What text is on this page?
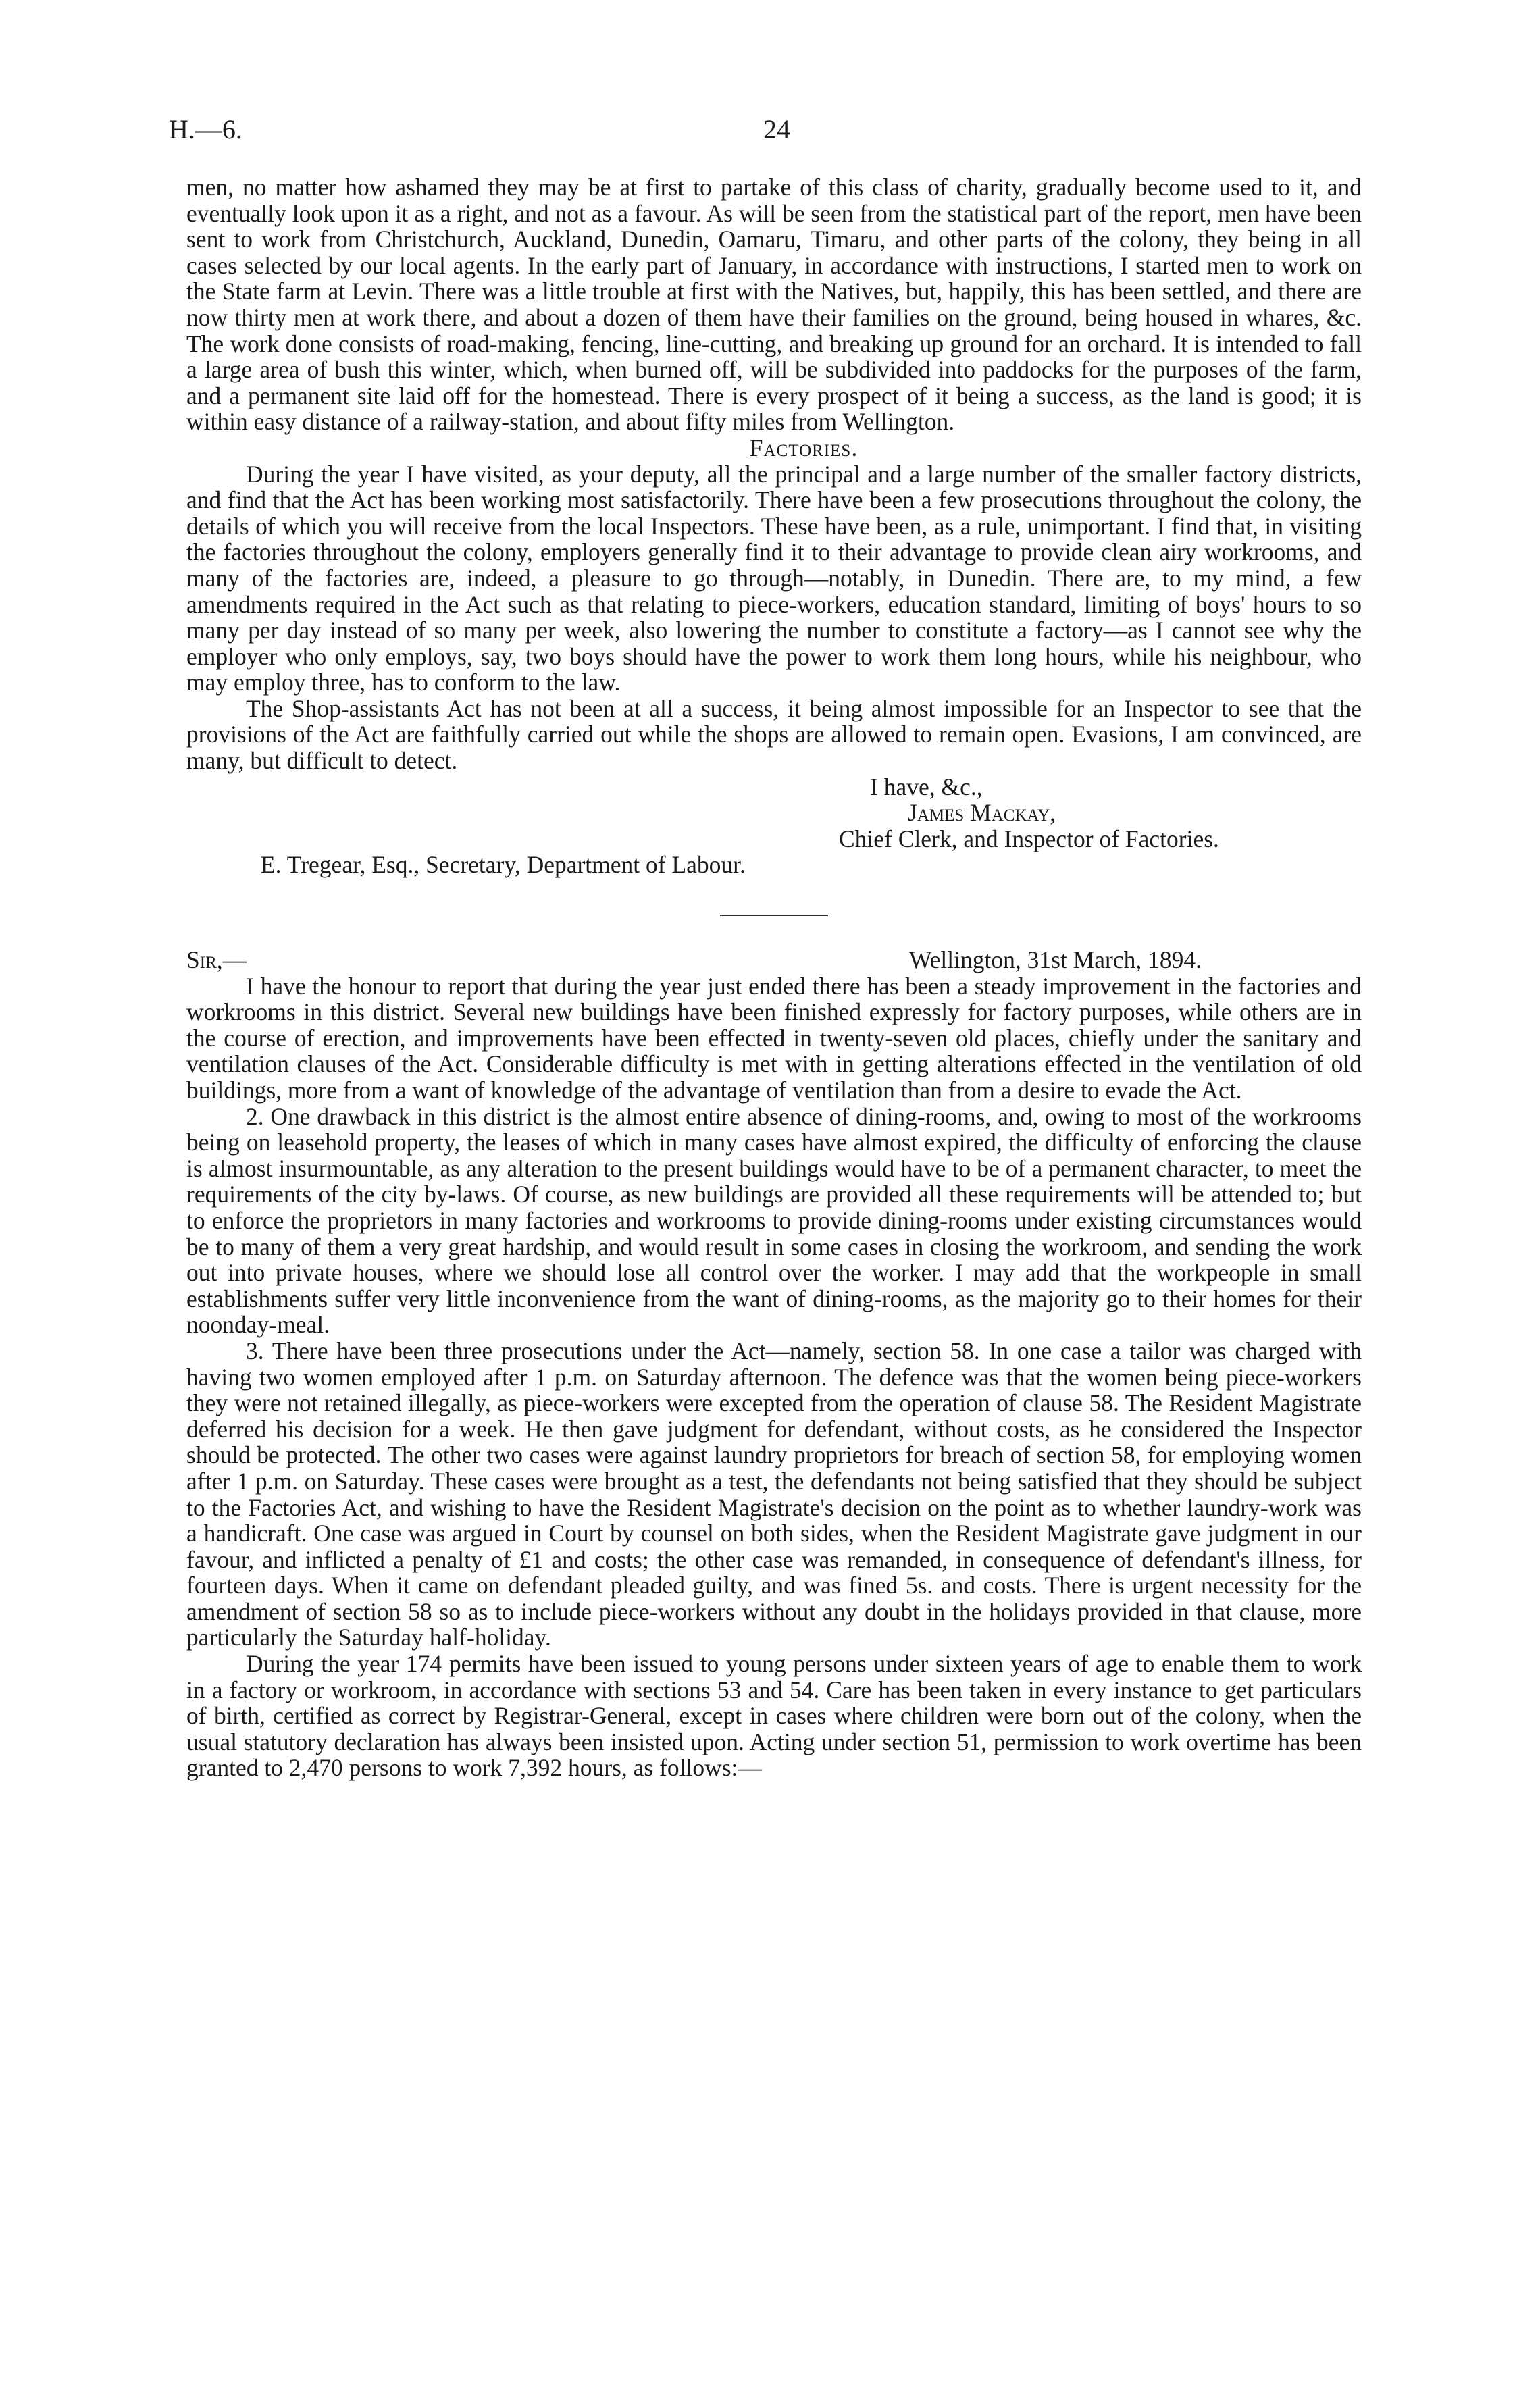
H.—6.	24

men, no matter how ashamed they may be at first to partake of this class of charity, gradually become used to it, and eventually look upon it as a right, and not as a favour. As will be seen from the statistical part of the report, men have been sent to work from Christchurch, Auckland, Dunedin, Oamaru, Timaru, and other parts of the colony, they being in all cases selected by our local agents. In the early part of January, in accordance with instructions, I started men to work on the State farm at Levin. There was a little trouble at first with the Natives, but, happily, this has been settled, and there are now thirty men at work there, and about a dozen of them have their families on the ground, being housed in whares, &c. The work done consists of road-making, fencing, line-cutting, and breaking up ground for an orchard. It is intended to fall a large area of bush this winter, which, when burned off, will be subdivided into paddocks for the purposes of the farm, and a permanent site laid off for the homestead. There is every prospect of it being a success, as the land is good; it is within easy distance of a railway-station, and about fifty miles from Wellington.

Factories.

During the year I have visited, as your deputy, all the principal and a large number of the smaller factory districts, and find that the Act has been working most satisfactorily. There have been a few prosecutions throughout the colony, the details of which you will receive from the local Inspectors. These have been, as a rule, unimportant. I find that, in visiting the factories throughout the colony, employers generally find it to their advantage to provide clean airy workrooms, and many of the factories are, indeed, a pleasure to go through—notably, in Dunedin. There are, to my mind, a few amendments required in the Act such as that relating to piece-workers, education standard, limiting of boys' hours to so many per day instead of so many per week, also lowering the number to constitute a factory—as I cannot see why the employer who only employs, say, two boys should have the power to work them long hours, while his neighbour, who may employ three, has to conform to the law.

The Shop-assistants Act has not been at all a success, it being almost impossible for an Inspector to see that the provisions of the Act are faithfully carried out while the shops are allowed to remain open. Evasions, I am convinced, are many, but difficult to detect.

I have, &c.,
James Mackay,
Chief Clerk, and Inspector of Factories.

E. Tregear, Esq., Secretary, Department of Labour.

Sir,—	Wellington, 31st March, 1894.

I have the honour to report that during the year just ended there has been a steady improvement in the factories and workrooms in this district. Several new buildings have been finished expressly for factory purposes, while others are in the course of erection, and improvements have been effected in twenty-seven old places, chiefly under the sanitary and ventilation clauses of the Act. Considerable difficulty is met with in getting alterations effected in the ventilation of old buildings, more from a want of knowledge of the advantage of ventilation than from a desire to evade the Act.

2. One drawback in this district is the almost entire absence of dining-rooms, and, owing to most of the workrooms being on leasehold property, the leases of which in many cases have almost expired, the difficulty of enforcing the clause is almost insurmountable, as any alteration to the present buildings would have to be of a permanent character, to meet the requirements of the city by-laws. Of course, as new buildings are provided all these requirements will be attended to; but to enforce the proprietors in many factories and workrooms to provide dining-rooms under existing circumstances would be to many of them a very great hardship, and would result in some cases in closing the workroom, and sending the work out into private houses, where we should lose all control over the worker. I may add that the workpeople in small establishments suffer very little inconvenience from the want of dining-rooms, as the majority go to their homes for their noonday-meal.

3. There have been three prosecutions under the Act—namely, section 58. In one case a tailor was charged with having two women employed after 1 p.m. on Saturday afternoon. The defence was that the women being piece-workers they were not retained illegally, as piece-workers were excepted from the operation of clause 58. The Resident Magistrate deferred his decision for a week. He then gave judgment for defendant, without costs, as he considered the Inspector should be protected. The other two cases were against laundry proprietors for breach of section 58, for employing women after 1 p.m. on Saturday. These cases were brought as a test, the defendants not being satisfied that they should be subject to the Factories Act, and wishing to have the Resident Magistrate's decision on the point as to whether laundry-work was a handicraft. One case was argued in Court by counsel on both sides, when the Resident Magistrate gave judgment in our favour, and inflicted a penalty of £1 and costs; the other case was remanded, in consequence of defendant's illness, for fourteen days. When it came on defendant pleaded guilty, and was fined 5s. and costs. There is urgent necessity for the amendment of section 58 so as to include piece-workers without any doubt in the holidays provided in that clause, more particularly the Saturday half-holiday.

During the year 174 permits have been issued to young persons under sixteen years of age to enable them to work in a factory or workroom, in accordance with sections 53 and 54. Care has been taken in every instance to get particulars of birth, certified as correct by Registrar-General, except in cases where children were born out of the colony, when the usual statutory declaration has always been insisted upon. Acting under section 51, permission to work overtime has been granted to 2,470 persons to work 7,392 hours, as follows:—
